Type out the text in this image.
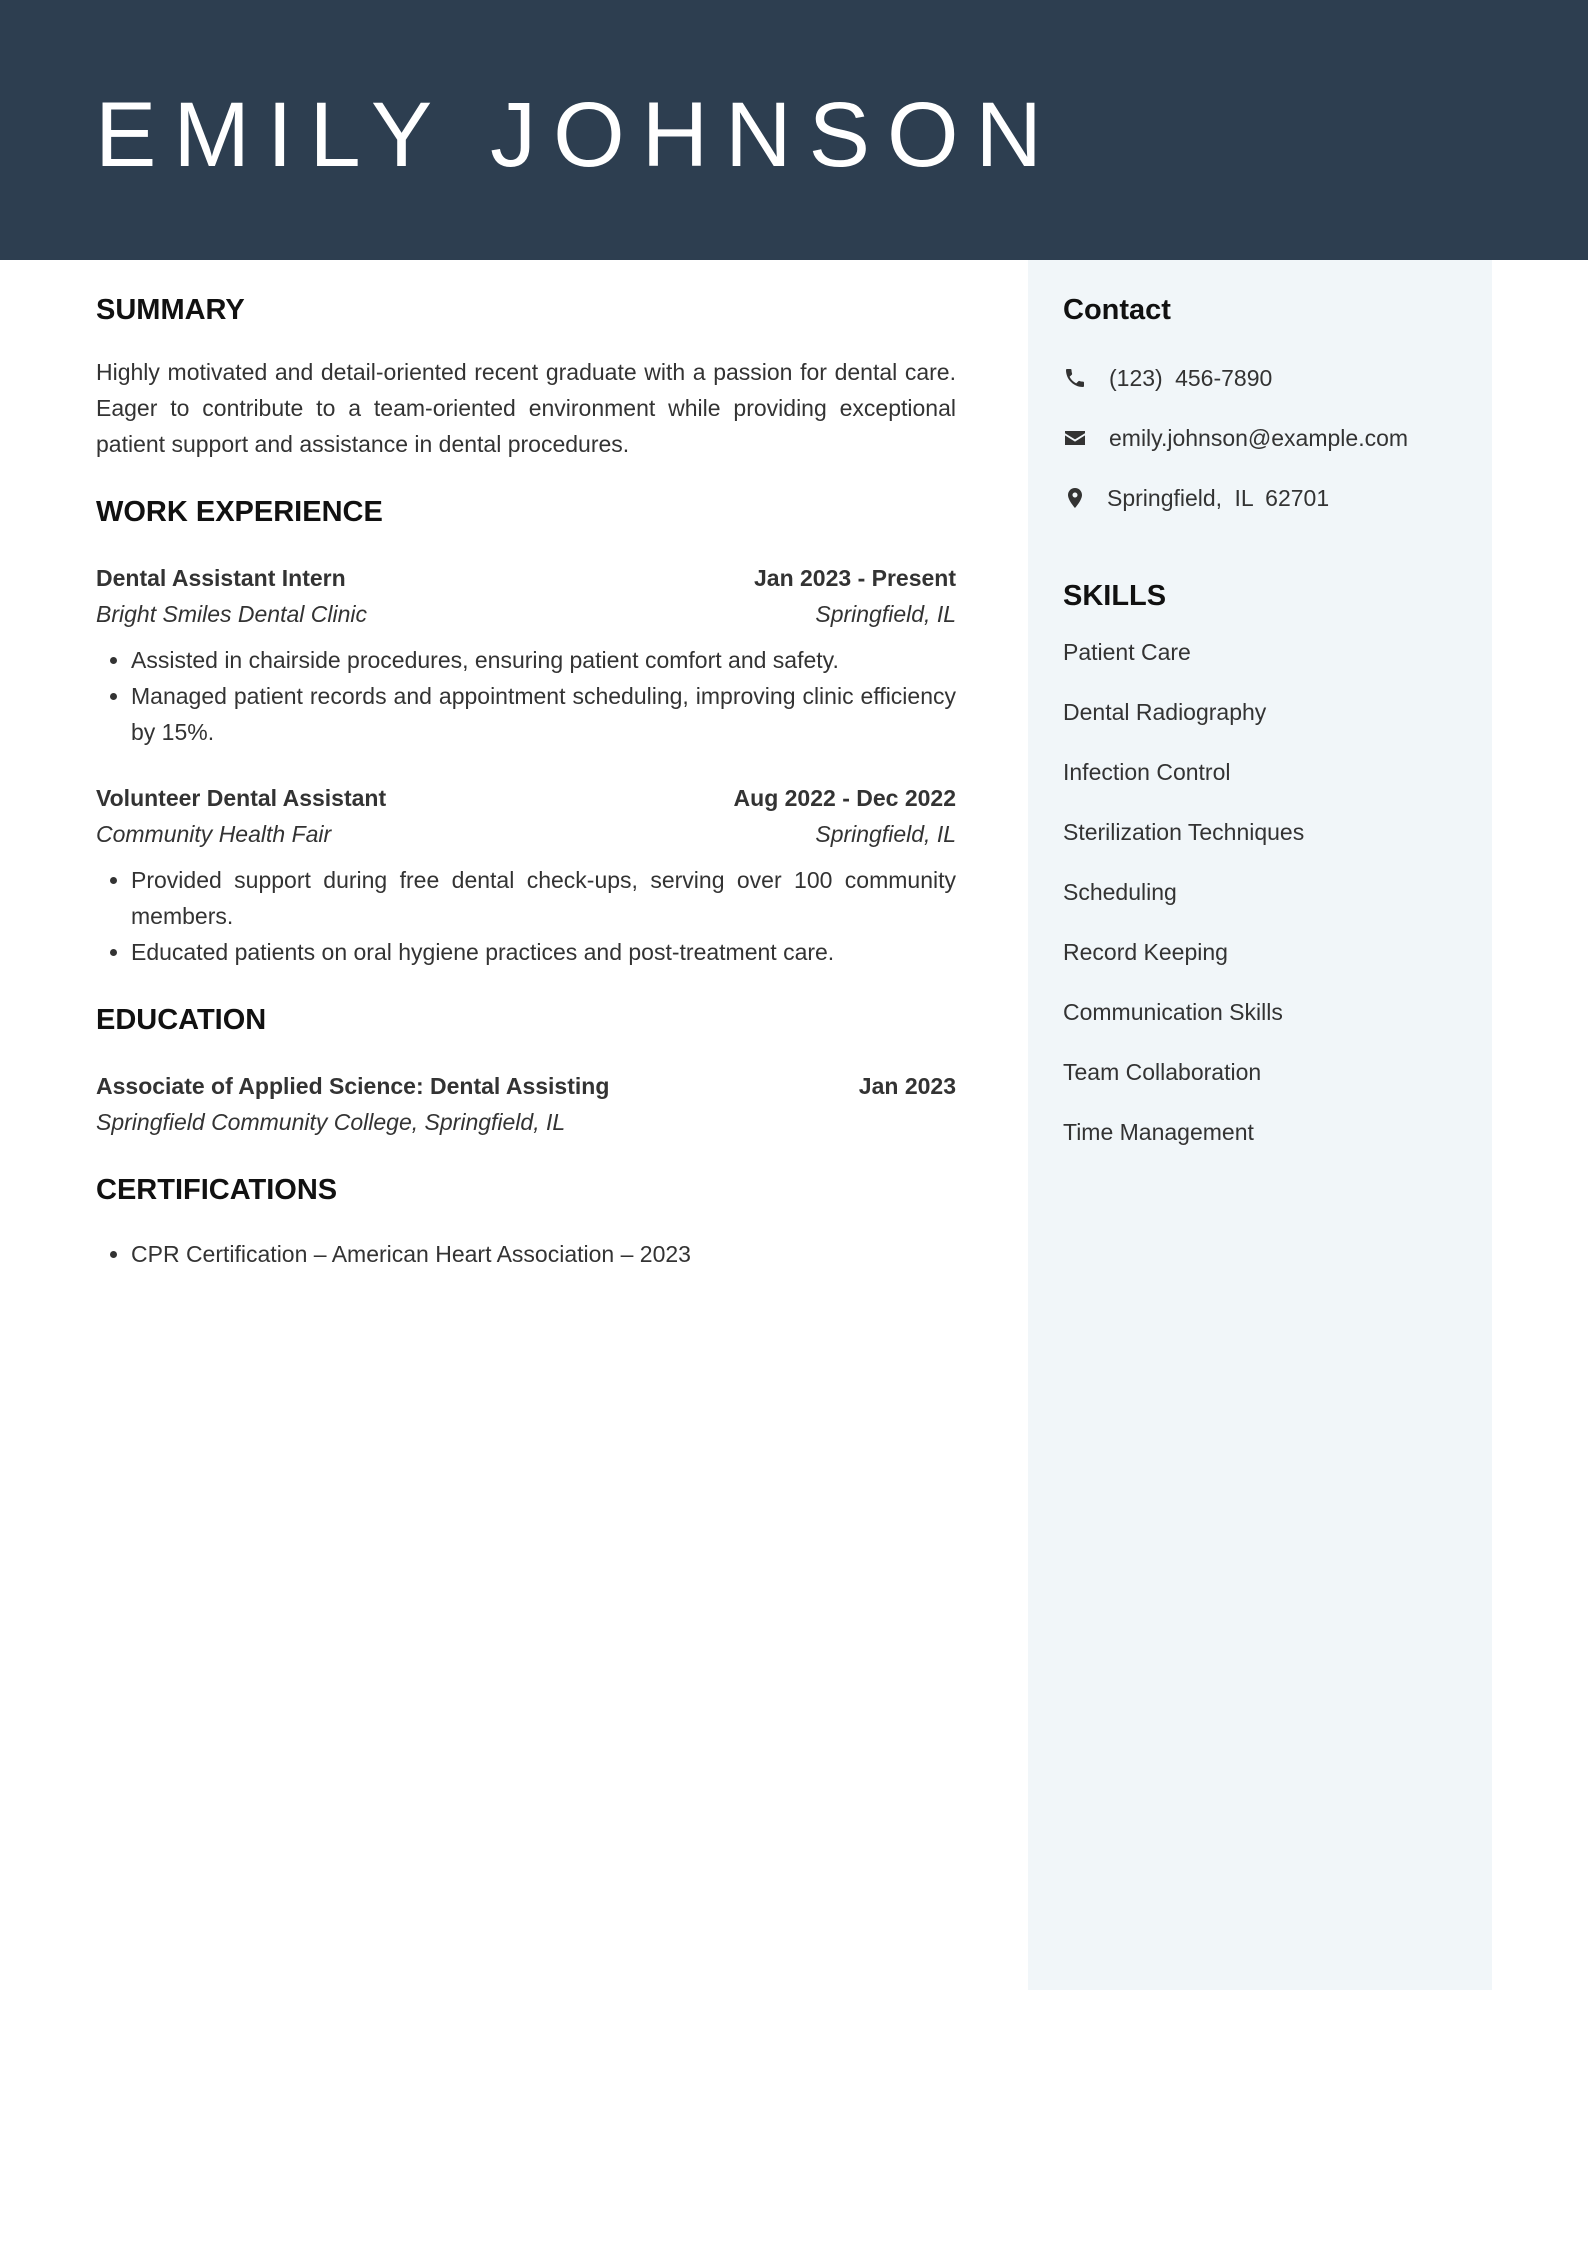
EMILY JOHNSON
SUMMARY

Highly motivated and detail-oriented recent graduate with a passion for dental care. Eager to contribute to a team-oriented environment while providing exceptional patient support and assistance in dental procedures.

WORK EXPERIENCE
Dental Assistant Intern	Jan 2023 - Present
Bright Smiles Dental Clinic	Springfield, IL
• Assisted in chairside procedures, ensuring patient comfort and safety.
• Managed patient records and appointment scheduling, improving clinic efficiency by 15%.
Volunteer Dental Assistant	Aug 2022 - Dec 2022
Community Health Fair	Springfield, IL
• Provided support during free dental check-ups, serving over 100 community members.
• Educated patients on oral hygiene practices and post-treatment care.
EDUCATION
Associate of Applied Science: Dental Assisting	Jan 2023
Springfield Community College, Springfield, IL
CERTIFICATIONS
• CPR Certification – American Heart Association – 2023
Contact
(123) 456-7890
emily.johnson@example.com
Springfield, IL 62701
SKILLS
Patient Care
Dental Radiography
Infection Control
Sterilization Techniques
Scheduling
Record Keeping
Communication Skills
Team Collaboration
Time Management
